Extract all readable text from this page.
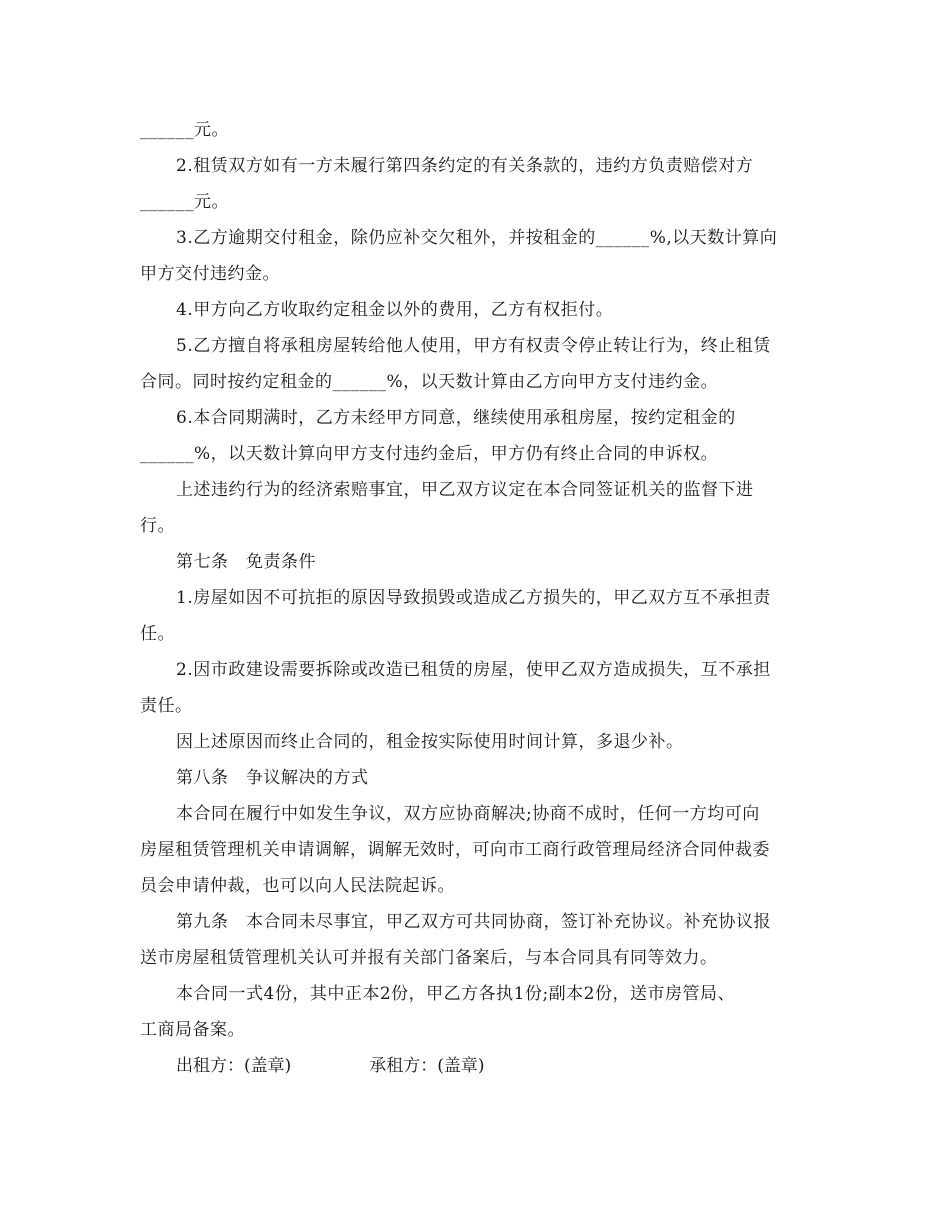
______元。
2.租赁双方如有一方未履行第四条约定的有关条款的，违约方负责赔偿对方
______元。
3.乙方逾期交付租金，除仍应补交欠租外，并按租金的______%,以天数计算向
甲方交付违约金。
4.甲方向乙方收取约定租金以外的费用，乙方有权拒付。
5.乙方擅自将承租房屋转给他人使用，甲方有权责令停止转让行为，终止租赁
合同。同时按约定租金的______%，以天数计算由乙方向甲方支付违约金。
6.本合同期满时，乙方未经甲方同意，继续使用承租房屋，按约定租金的
______%，以天数计算向甲方支付违约金后，甲方仍有终止合同的申诉权。
上述违约行为的经济索赔事宜，甲乙双方议定在本合同签证机关的监督下进
行。
第七条　免责条件
1.房屋如因不可抗拒的原因导致损毁或造成乙方损失的，甲乙双方互不承担责
任。
2.因市政建设需要拆除或改造已租赁的房屋，使甲乙双方造成损失，互不承担
责任。
因上述原因而终止合同的，租金按实际使用时间计算，多退少补。
第八条　争议解决的方式
本合同在履行中如发生争议，双方应协商解决;协商不成时，任何一方均可向
房屋租赁管理机关申请调解，调解无效时，可向市工商行政管理局经济合同仲裁委
员会申请仲裁，也可以向人民法院起诉。
第九条　本合同未尽事宜，甲乙双方可共同协商，签订补充协议。补充协议报
送市房屋租赁管理机关认可并报有关部门备案后，与本合同具有同等效力。
本合同一式4份，其中正本2份，甲乙方各执1份;副本2份，送市房管局、
工商局备案。
出租方：(盖章)	承租方：(盖章)
